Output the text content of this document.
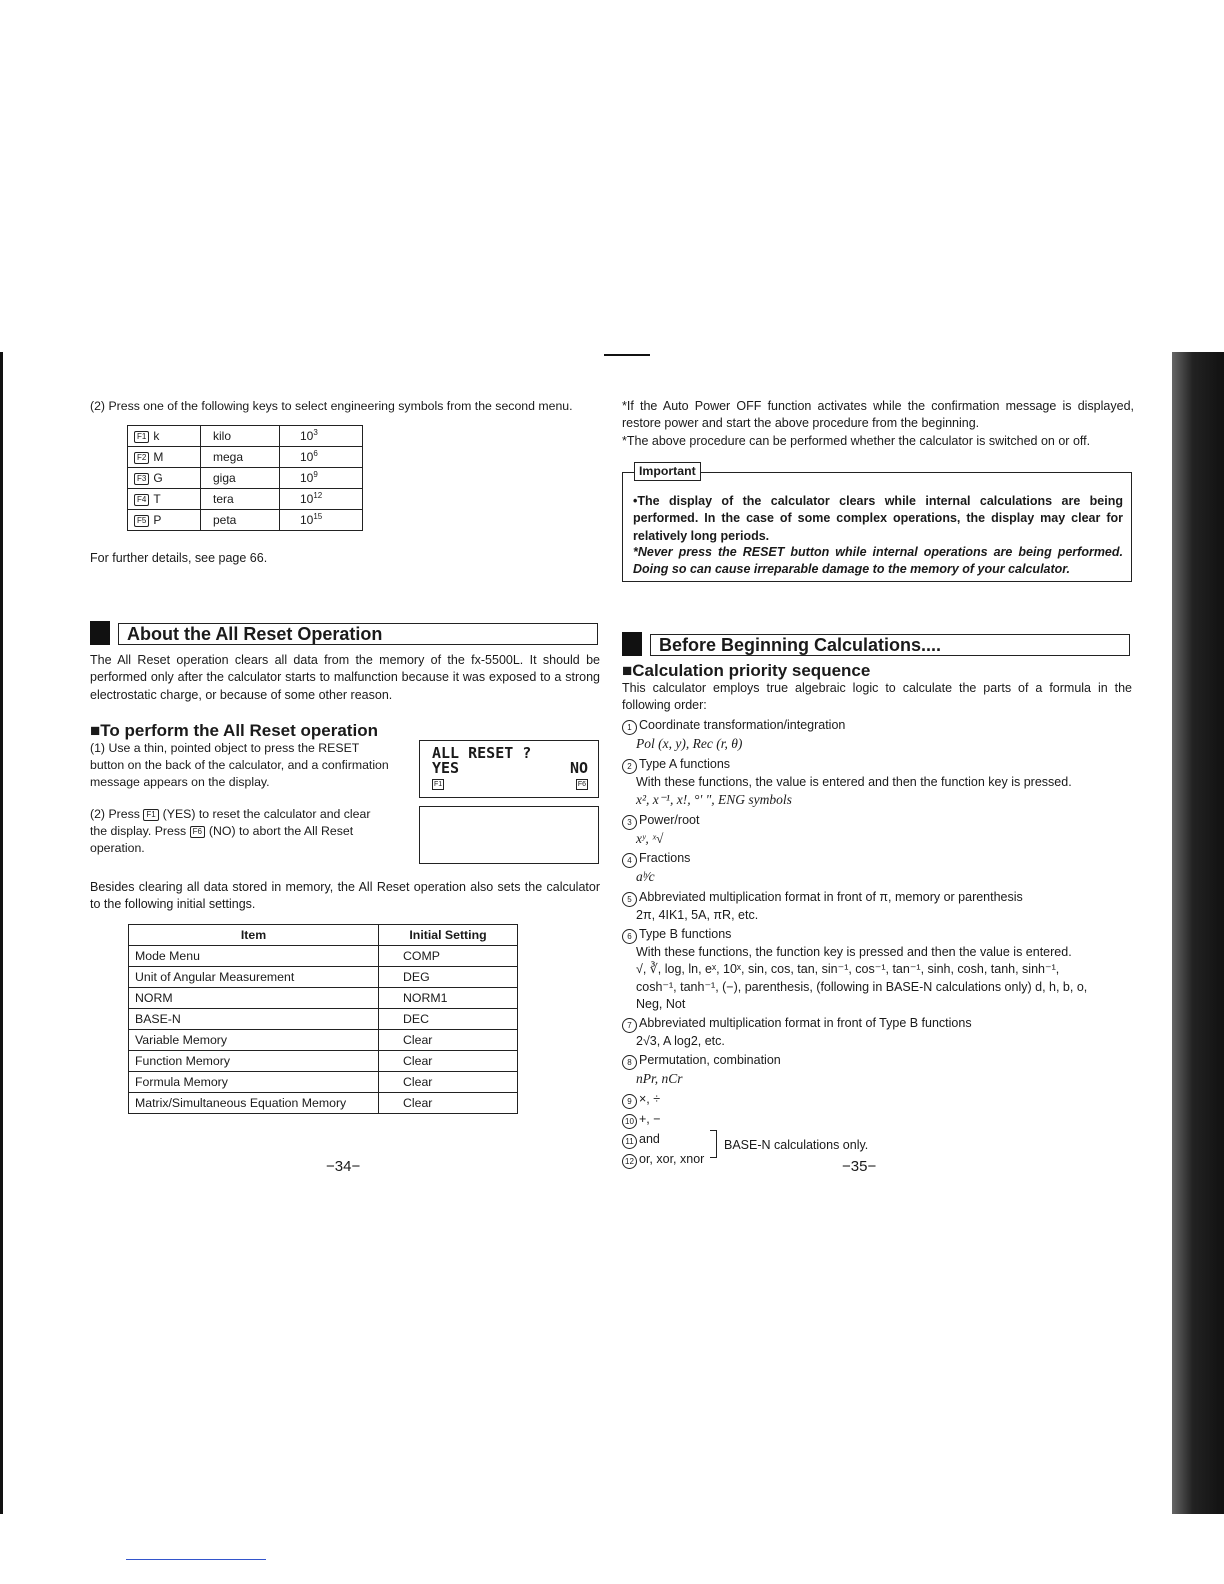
(2) Press one of the following keys to select engineering symbols from the second menu.
F1 k	kilo	$10^3$
F2 M	mega	$10^6$
F3 G	giga	$10^9$
F4 T	tera	$10^{12}$
F5 P	peta	$10^{15}$
For further details, see page 66.
About the All Reset Operation
The All Reset operation clears all data from the memory of the fx-5500L. It should be performed only after the calculator starts to malfunction because it was exposed to a strong electrostatic charge, or because of some other reason.
■To perform the All Reset operation
(1) Use a thin, pointed object to press the RESET button on the back of the calculator, and a confirmation message appears on the display.
ALL RESET ?
YES	NO
F1	F6
(2) Press F1 (YES) to reset the calculator and clear the display. Press F6 (NO) to abort the All Reset operation.
Besides clearing all data stored in memory, the All Reset operation also sets the calculator to the following initial settings.
Item	Initial Setting
Mode Menu	COMP
Unit of Angular Measurement	DEG
NORM	NORM1
BASE-N	DEC
Variable Memory	Clear
Function Memory	Clear
Formula Memory	Clear
Matrix/Simultaneous Equation Memory	Clear
−34−
*If the Auto Power OFF function activates while the confirmation message is displayed, restore power and start the above procedure from the beginning.
*The above procedure can be performed whether the calculator is switched on or off.
•The display of the calculator clears while internal calculations are being performed. In the case of some complex operations, the display may clear for relatively long periods.
*Never press the RESET button while internal operations are being performed. Doing so can cause irreparable damage to the memory of your calculator.
Important
Before Beginning Calculations....
■Calculation priority sequence
This calculator employs true algebraic logic to calculate the parts of a formula in the following order:
1 Coordinate transformation/integration
Pol (x, y), Rec (r, θ)
2 Type A functions
With these functions, the value is entered and then the function key is pressed.
x², x⁻¹, x!, °' ", ENG symbols
3 Power/root
xʸ, ˣ√
4 Fractions
aᵇ⁄c
5 Abbreviated multiplication format in front of π, memory or parenthesis
2π, 4IK1, 5A, πR, etc.
6 Type B functions
With these functions, the function key is pressed and then the value is entered.
√, ∛, log, ln, eˣ, 10ˣ, sin, cos, tan, sin⁻¹, cos⁻¹, tan⁻¹, sinh, cosh, tanh, sinh⁻¹,
cosh⁻¹, tanh⁻¹, (−), parenthesis, (following in BASE-N calculations only) d, h, b, o,
Neg, Not
7 Abbreviated multiplication format in front of Type B functions
2√3, A log2, etc.
8 Permutation, combination
nPr, nCr
9 ×, ÷
10 +, −
11 and
12 or, xor, xnor
BASE-N calculations only.
−35−
